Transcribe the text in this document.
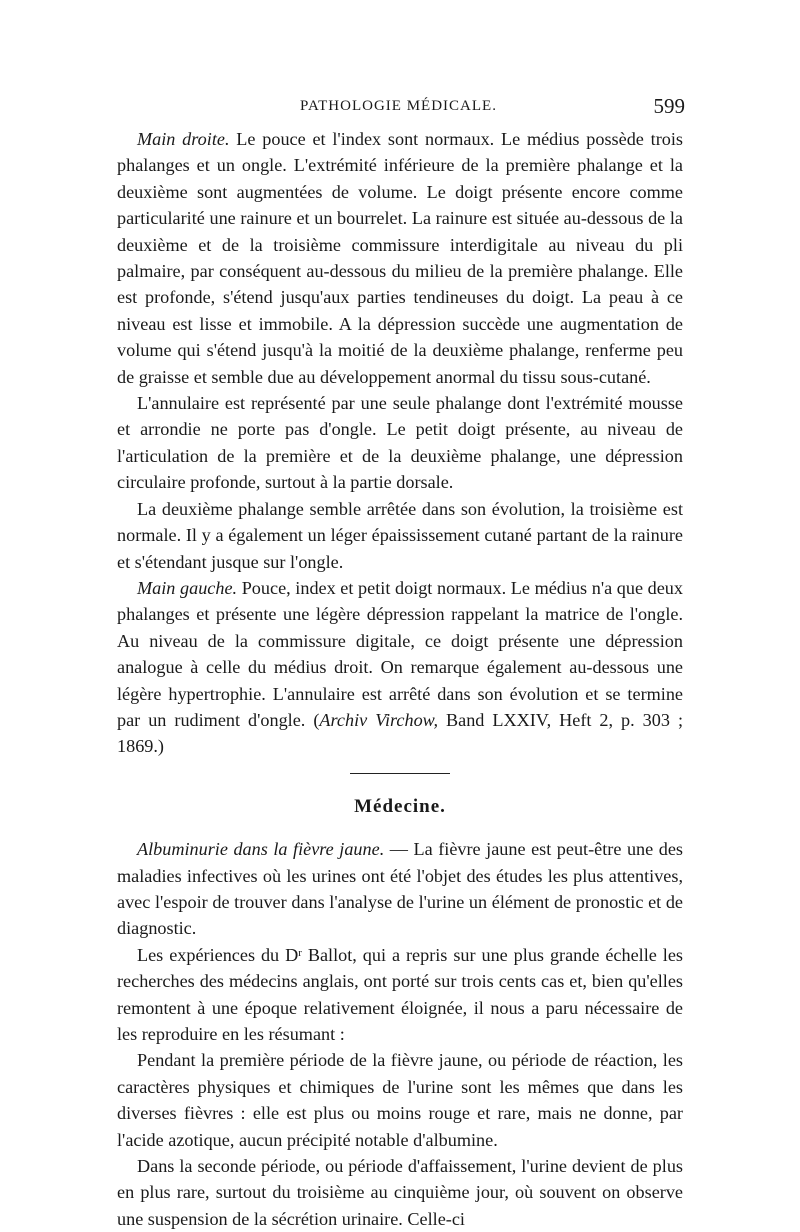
PATHOLOGIE MÉDICALE.	599

Main droite. Le pouce et l'index sont normaux. Le médius possède trois phalanges et un ongle. L'extrémité inférieure de la première phalange et la deuxième sont augmentées de volume. Le doigt présente encore comme particularité une rainure et un bourrelet. La rainure est située au-dessous de la deuxième et de la troisième commissure interdigitale au niveau du pli palmaire, par conséquent au-dessous du milieu de la première phalange. Elle est profonde, s'étend jusqu'aux parties tendineuses du doigt. La peau à ce niveau est lisse et immobile. A la dépression succède une augmentation de volume qui s'étend jusqu'à la moitié de la deuxième phalange, renferme peu de graisse et semble due au développement anormal du tissu sous-cutané.

L'annulaire est représenté par une seule phalange dont l'extrémité mousse et arrondie ne porte pas d'ongle. Le petit doigt présente, au niveau de l'articulation de la première et de la deuxième phalange, une dépression circulaire profonde, surtout à la partie dorsale.

La deuxième phalange semble arrêtée dans son évolution, la troisième est normale. Il y a également un léger épaississement cutané partant de la rainure et s'étendant jusque sur l'ongle.

Main gauche. Pouce, index et petit doigt normaux. Le médius n'a que deux phalanges et présente une légère dépression rappelant la matrice de l'ongle. Au niveau de la commissure digitale, ce doigt présente une dépression analogue à celle du médius droit. On remarque également au-dessous une légère hypertrophie. L'annulaire est arrêté dans son évolution et se termine par un rudiment d'ongle. (Archiv Virchow, Band LXXIV, Heft 2, p. 303 ; 1869.)

Médecine.

Albuminurie dans la fièvre jaune. — La fièvre jaune est peut-être une des maladies infectives où les urines ont été l'objet des études les plus attentives, avec l'espoir de trouver dans l'analyse de l'urine un élément de pronostic et de diagnostic.

Les expériences du $D^r$ Ballot, qui a repris sur une plus grande échelle les recherches des médecins anglais, ont porté sur trois cents cas et, bien qu'elles remontent à une époque relativement éloignée, il nous a paru nécessaire de les reproduire en les résumant :

Pendant la première période de la fièvre jaune, ou période de réaction, les caractères physiques et chimiques de l'urine sont les mêmes que dans les diverses fièvres : elle est plus ou moins rouge et rare, mais ne donne, par l'acide azotique, aucun précipité notable d'albumine.

Dans la seconde période, ou période d'affaissement, l'urine devient de plus en plus rare, surtout du troisième au cinquième jour, où souvent on observe une suspension de la sécrétion urinaire. Celle-ci
